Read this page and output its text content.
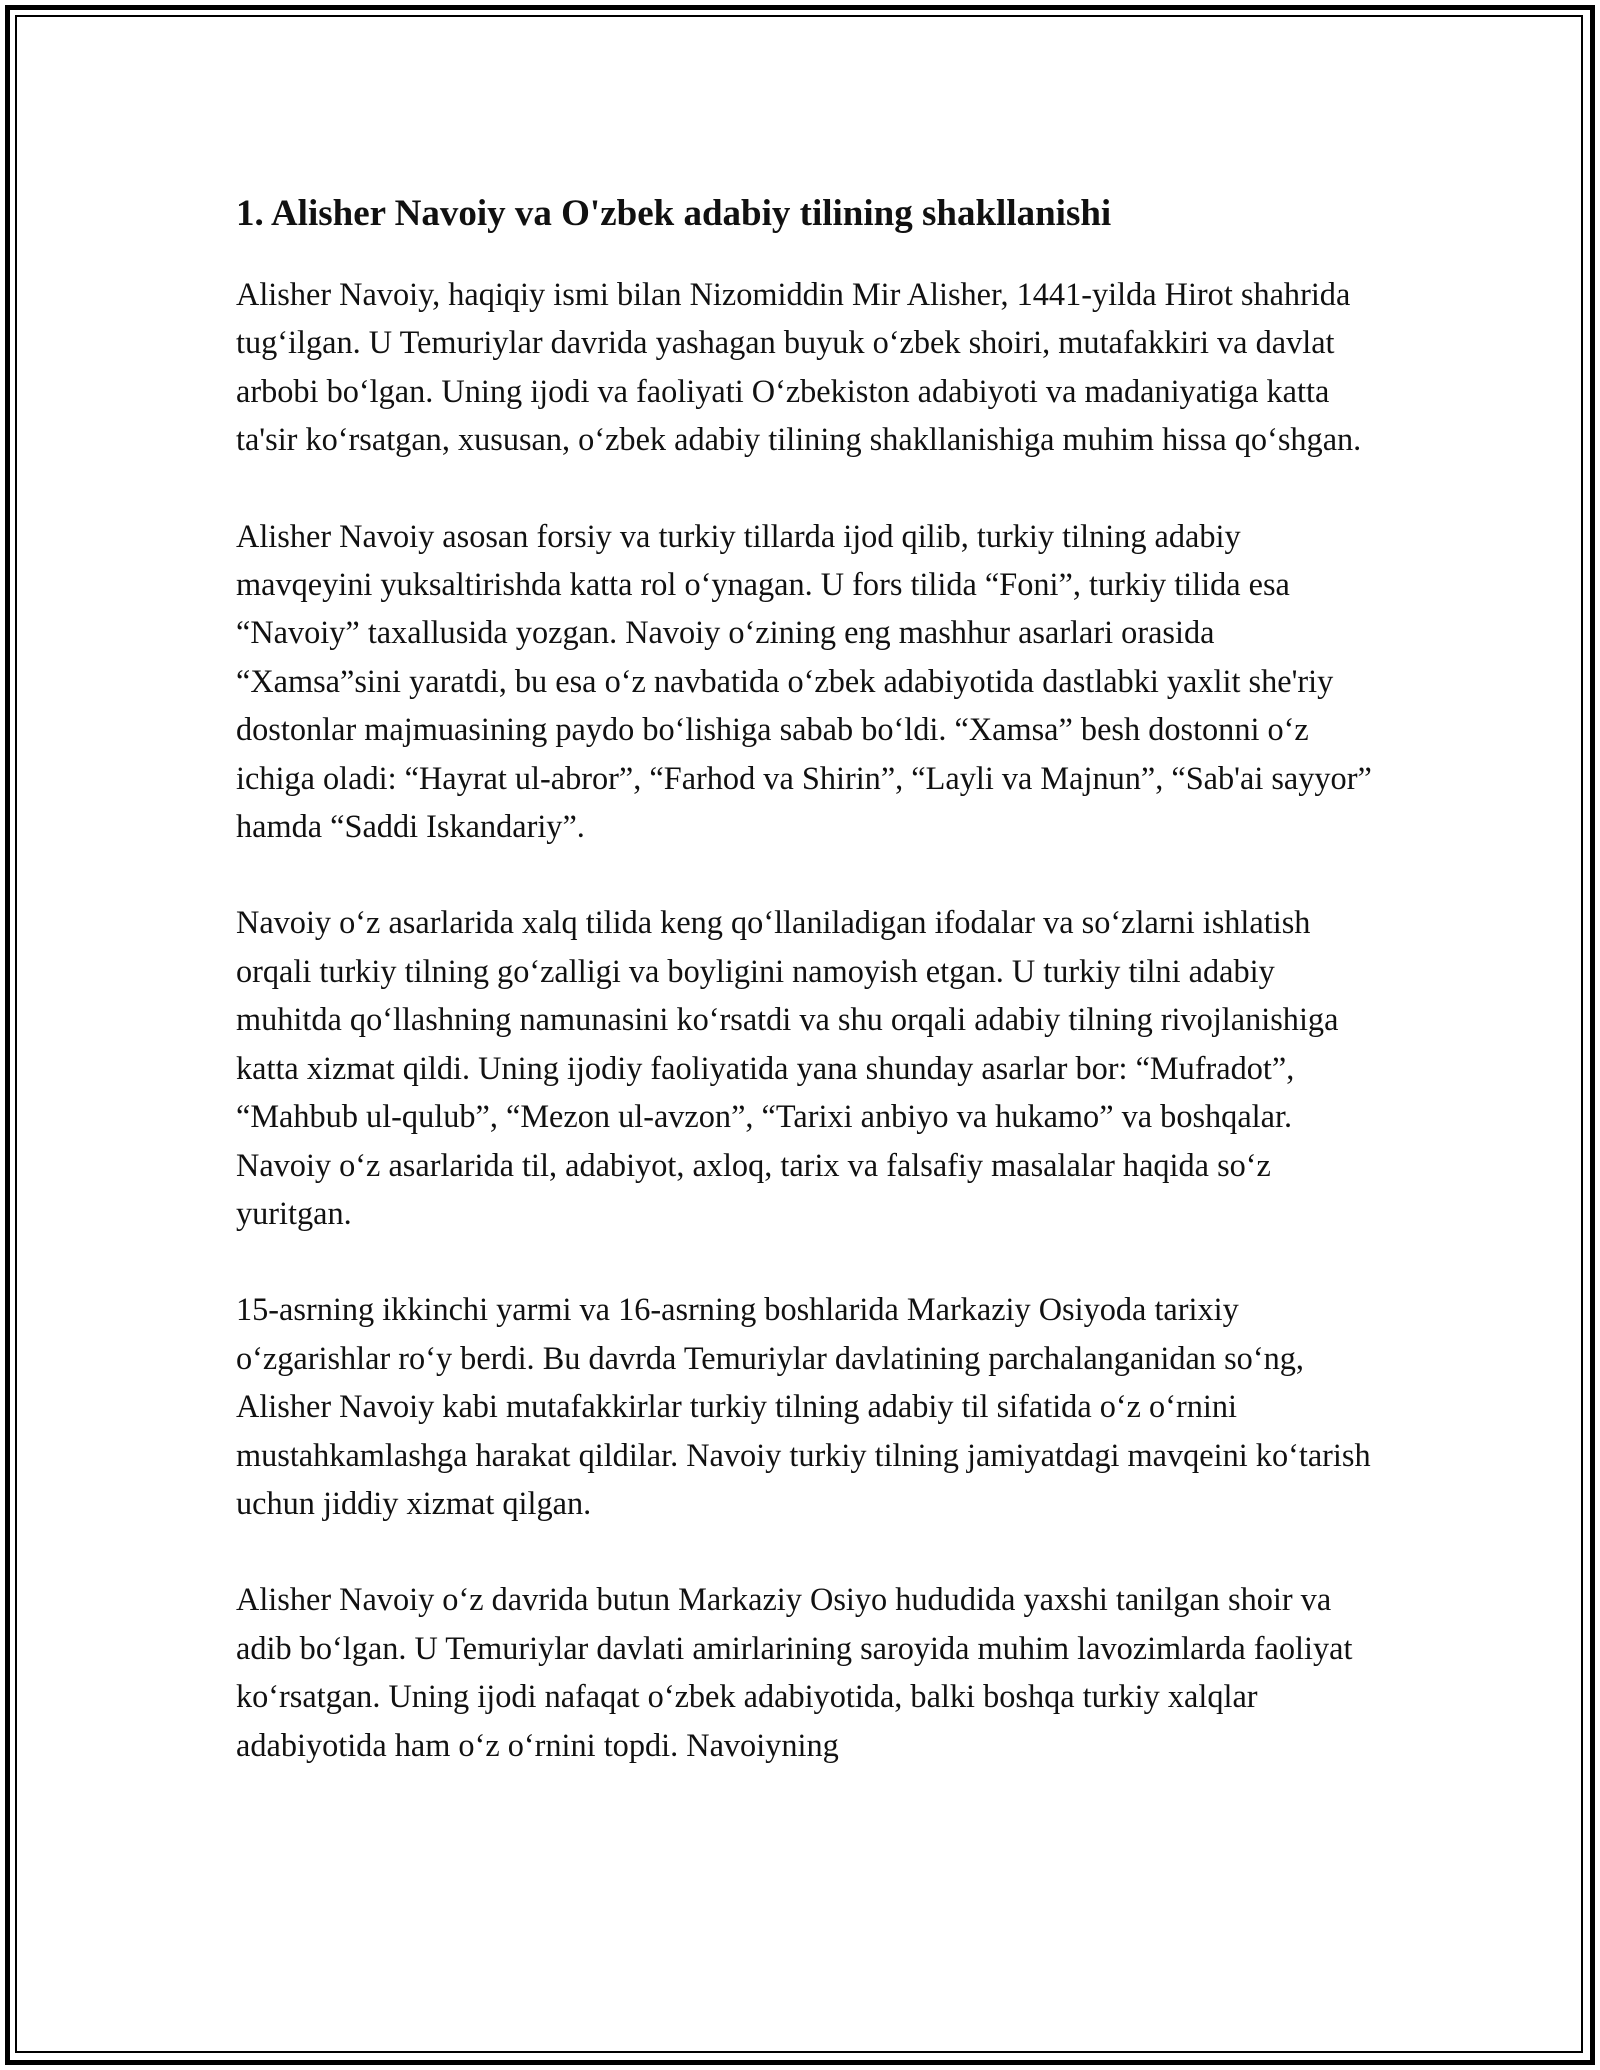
1. Alisher Navoiy va O'zbek adabiy tilining shakllanishi

Alisher Navoiy, haqiqiy ismi bilan Nizomiddin Mir Alisher, 1441-yilda Hirot shahrida tug‘ilgan. U Temuriylar davrida yashagan buyuk o‘zbek shoiri, mutafakkiri va davlat arbobi bo‘lgan. Uning ijodi va faoliyati O‘zbekiston adabiyoti va madaniyatiga katta ta'sir ko‘rsatgan, xususan, o‘zbek adabiy tilining shakllanishiga muhim hissa qo‘shgan.

Alisher Navoiy asosan forsiy va turkiy tillarda ijod qilib, turkiy tilning adabiy mavqeyini yuksaltirishda katta rol o‘ynagan. U fors tilida “Foni”, turkiy tilida esa “Navoiy” taxallusida yozgan. Navoiy o‘zining eng mashhur asarlari orasida “Xamsa”sini yaratdi, bu esa o‘z navbatida o‘zbek adabiyotida dastlabki yaxlit she'riy dostonlar majmuasining paydo bo‘lishiga sabab bo‘ldi. “Xamsa” besh dostonni o‘z ichiga oladi: “Hayrat ul-abror”, “Farhod va Shirin”, “Layli va Majnun”, “Sab'ai sayyor” hamda “Saddi Iskandariy”.

Navoiy o‘z asarlarida xalq tilida keng qo‘llaniladigan ifodalar va so‘zlarni ishlatish orqali turkiy tilning go‘zalligi va boyligini namoyish etgan. U turkiy tilni adabiy muhitda qo‘llashning namunasini ko‘rsatdi va shu orqali adabiy tilning rivojlanishiga katta xizmat qildi. Uning ijodiy faoliyatida yana shunday asarlar bor: “Mufradot”, “Mahbub ul-qulub”, “Mezon ul-avzon”, “Tarixi anbiyo va hukamo” va boshqalar. Navoiy o‘z asarlarida til, adabiyot, axloq, tarix va falsafiy masalalar haqida so‘z yuritgan.

15-asrning ikkinchi yarmi va 16-asrning boshlarida Markaziy Osiyoda tarixiy o‘zgarishlar ro‘y berdi. Bu davrda Temuriylar davlatining parchalanganidan so‘ng, Alisher Navoiy kabi mutafakkirlar turkiy tilning adabiy til sifatida o‘z o‘rnini mustahkamlashga harakat qildilar. Navoiy turkiy tilning jamiyatdagi mavqeini ko‘tarish uchun jiddiy xizmat qilgan.

Alisher Navoiy o‘z davrida butun Markaziy Osiyo hududida yaxshi tanilgan shoir va adib bo‘lgan. U Temuriylar davlati amirlarining saroyida muhim lavozimlarda faoliyat ko‘rsatgan. Uning ijodi nafaqat o‘zbek adabiyotida, balki boshqa turkiy xalqlar adabiyotida ham o‘z o‘rnini topdi. Navoiyning
